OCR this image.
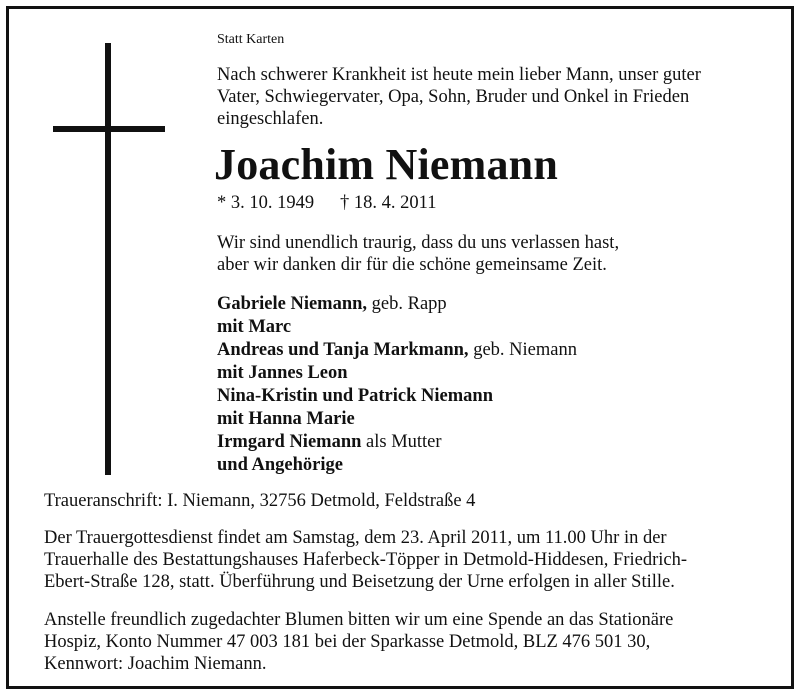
Statt Karten
Nach schwerer Krankheit ist heute mein lieber Mann, unser guter
Vater, Schwiegervater, Opa, Sohn, Bruder und Onkel in Frieden
eingeschlafen.
Joachim Niemann
* 3. 10. 1949 † 18. 4. 2011
Wir sind unendlich traurig, dass du uns verlassen hast,
aber wir danken dir für die schöne gemeinsame Zeit.
Gabriele Niemann, geb. Rapp
mit Marc
Andreas und Tanja Markmann, geb. Niemann
mit Jannes Leon
Nina-Kristin und Patrick Niemann
mit Hanna Marie
Irmgard Niemann als Mutter
und Angehörige
Traueranschrift: I. Niemann, 32756 Detmold, Feldstraße 4
Der Trauergottesdienst findet am Samstag, dem 23. April 2011, um 11.00 Uhr in der
Trauerhalle des Bestattungshauses Haferbeck-Töpper in Detmold-Hiddesen, Friedrich-
Ebert-Straße 128, statt. Überführung und Beisetzung der Urne erfolgen in aller Stille.
Anstelle freundlich zugedachter Blumen bitten wir um eine Spende an das Stationäre
Hospiz, Konto Nummer 47 003 181 bei der Sparkasse Detmold, BLZ 476 501 30,
Kennwort: Joachim Niemann.
